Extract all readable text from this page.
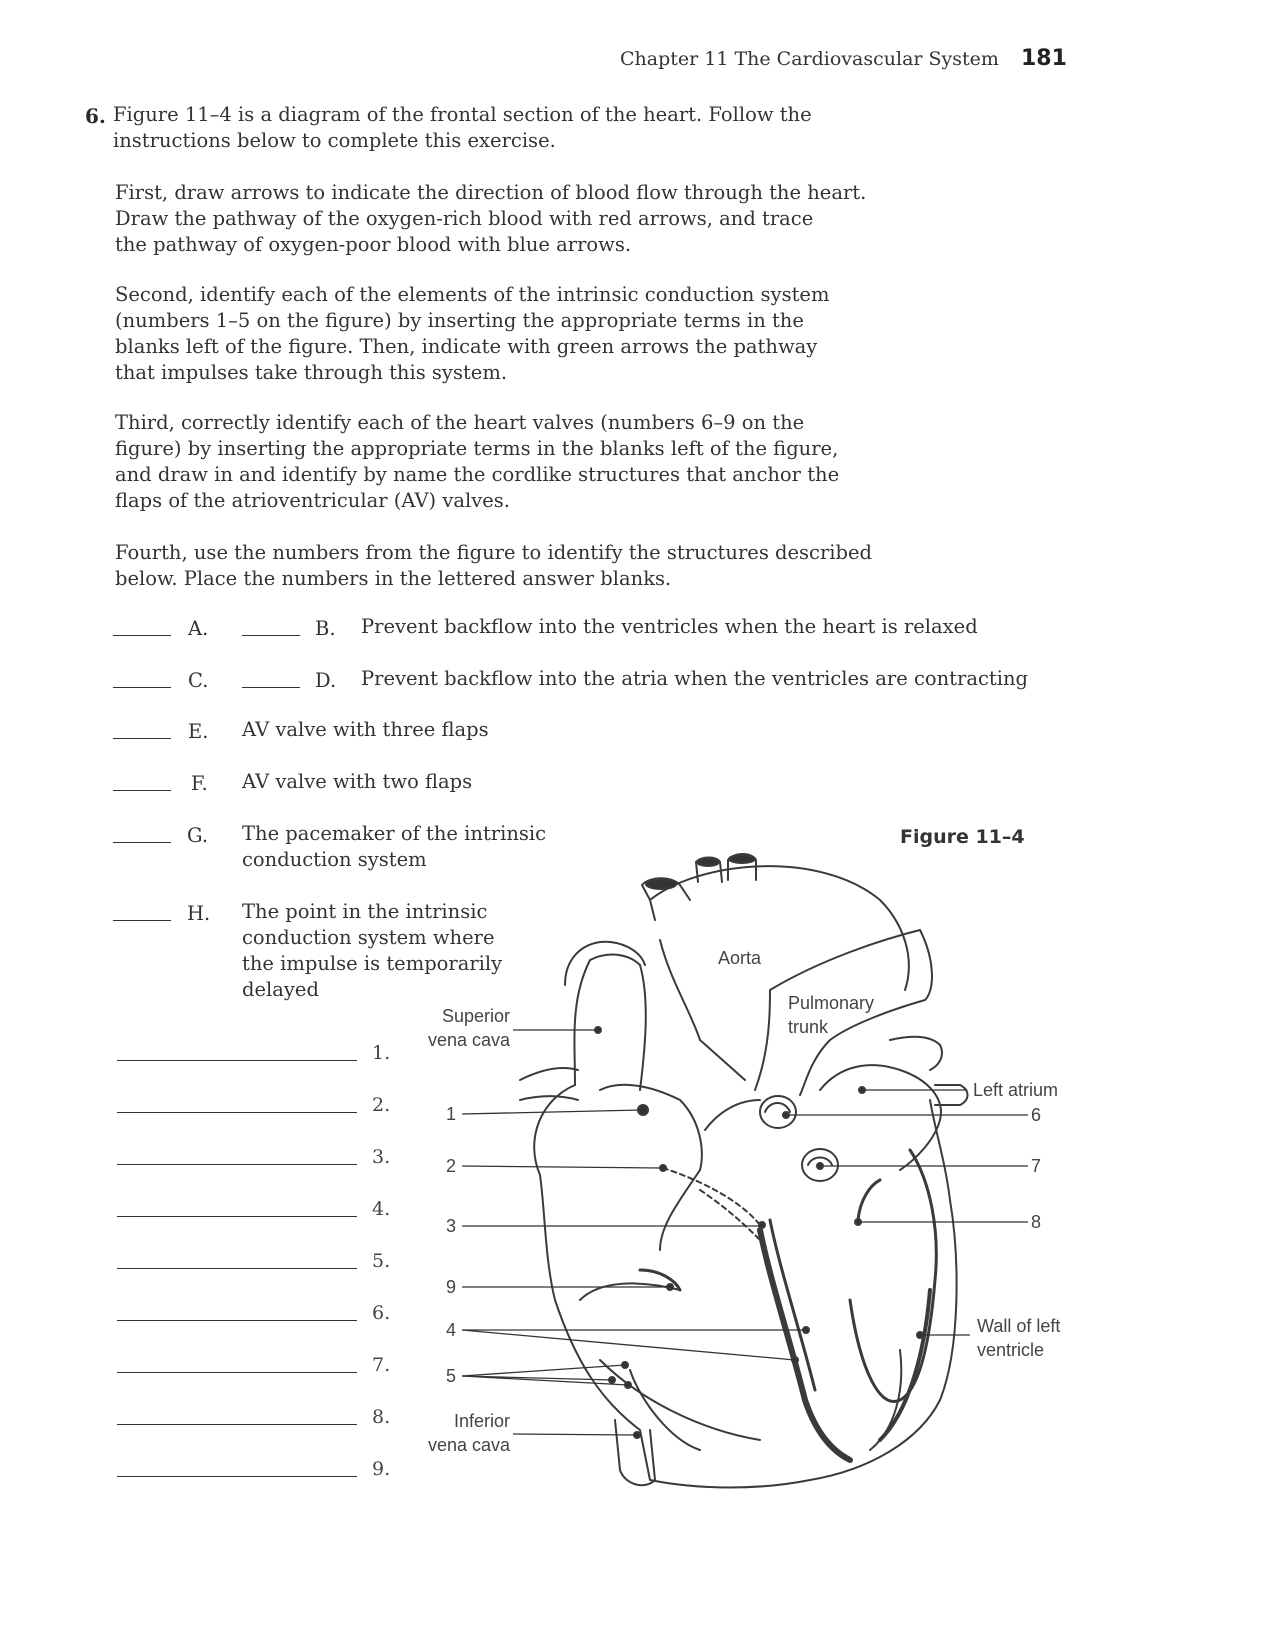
Chapter 11 The Cardiovascular System 181
6. Figure 11–4 is a diagram of the frontal section of the heart. Follow the
instructions below to complete this exercise.
First, draw arrows to indicate the direction of blood flow through the heart.
Draw the pathway of the oxygen-rich blood with red arrows, and trace
the pathway of oxygen-poor blood with blue arrows.
Second, identify each of the elements of the intrinsic conduction system
(numbers 1–5 on the figure) by inserting the appropriate terms in the
blanks left of the figure. Then, indicate with green arrows the pathway
that impulses take through this system.
Third, correctly identify each of the heart valves (numbers 6–9 on the
figure) by inserting the appropriate terms in the blanks left of the figure,
and draw in and identify by name the cordlike structures that anchor the
flaps of the atrioventricular (AV) valves.
Fourth, use the numbers from the figure to identify the structures described
below. Place the numbers in the lettered answer blanks.
A.	B. Prevent backflow into the ventricles when the heart is relaxed
C.	D. Prevent backflow into the atria when the ventricles are contracting
E. AV valve with three flaps
F. AV valve with two flaps
G. The pacemaker of the intrinsic
conduction system
H. The point in the intrinsic
conduction system where
the impulse is temporarily
delayed
Figure 11–4
1.
2.
3.
4.
5.
6.
7.
8.
9.
Aorta
Pulmonary
trunk
Superior
vena cava
Inferior
vena cava
Left atrium
Wall of left
ventricle
1
2
3
9
4
5
6
7
8
